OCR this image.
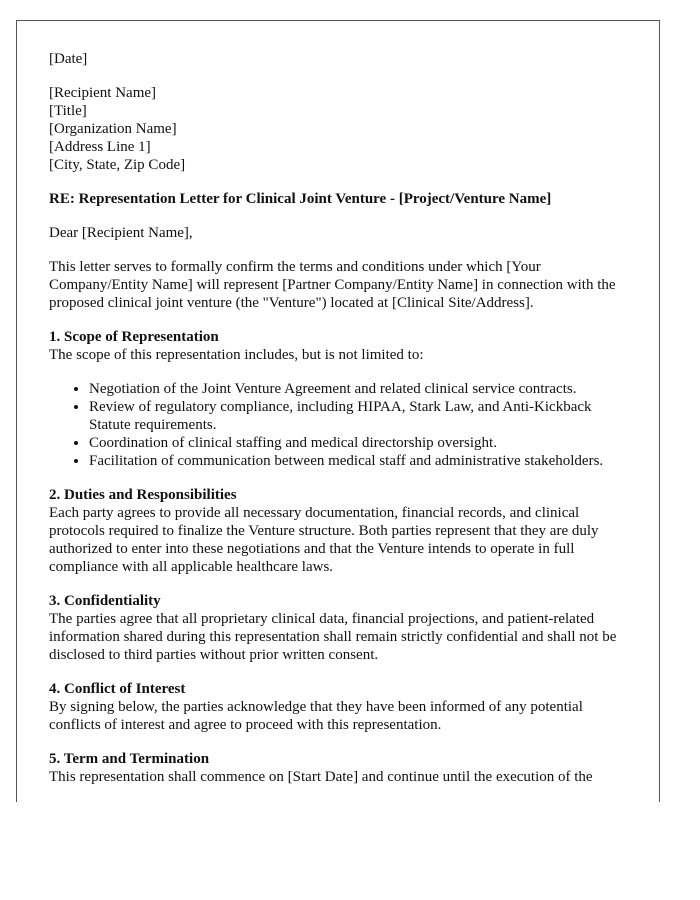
[Date]

[Recipient Name]
[Title]
[Organization Name]
[Address Line 1]
[City, State, Zip Code]

RE: Representation Letter for Clinical Joint Venture - [Project/Venture Name]

Dear [Recipient Name],

This letter serves to formally confirm the terms and conditions under which [Your Company/Entity Name] will represent [Partner Company/Entity Name] in connection with the proposed clinical joint venture (the "Venture") located at [Clinical Site/Address].

1. Scope of Representation

The scope of this representation includes, but is not limited to:

• Negotiation of the Joint Venture Agreement and related clinical service contracts.
• Review of regulatory compliance, including HIPAA, Stark Law, and Anti-Kickback Statute requirements.
• Coordination of clinical staffing and medical directorship oversight.
• Facilitation of communication between medical staff and administrative stakeholders.
2. Duties and Responsibilities

Each party agrees to provide all necessary documentation, financial records, and clinical protocols required to finalize the Venture structure. Both parties represent that they are duly authorized to enter into these negotiations and that the Venture intends to operate in full compliance with all applicable healthcare laws.

3. Confidentiality

The parties agree that all proprietary clinical data, financial projections, and patient-related information shared during this representation shall remain strictly confidential and shall not be disclosed to third parties without prior written consent.

4. Conflict of Interest

By signing below, the parties acknowledge that they have been informed of any potential conflicts of interest and agree to proceed with this representation.

5. Term and Termination

This representation shall commence on [Start Date] and continue until the execution of the
